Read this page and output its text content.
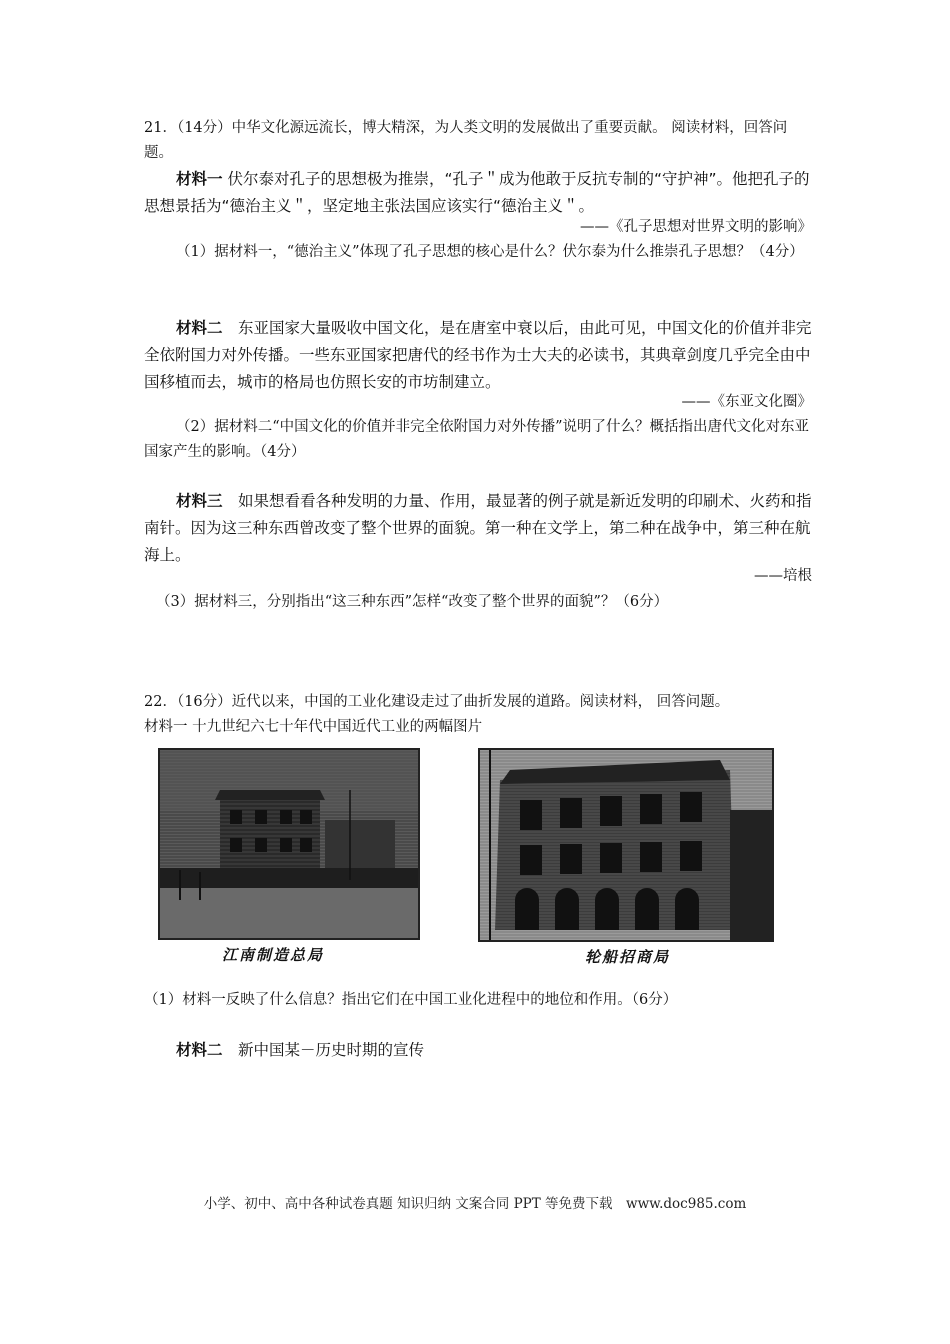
21．（14分）中华文化源远流长，博大精深，为人类文明的发展做出了重要贡献。 阅读材料，回答问题。
材料一 伏尔泰对孔子的思想极为推崇，“孔子＂成为他敢于反抗专制的“守护神”。他把孔子的思想景括为“德治主义＂，坚定地主张法国应该实行“德治主义＂。
——《孔子思想对世界文明的影响》
（1）据材料一，“德治主义”体现了孔子思想的核心是什么？伏尔泰为什么推崇孔子思想？（4分）
材料二　东亚国家大量吸收中国文化，是在唐室中衰以后，由此可见，中国文化的价值并非完全依附国力对外传播。一些东亚国家把唐代的经书作为士大夫的必读书，其典章剑度几乎完全由中国移植而去，城市的格局也仿照长安的市坊制建立。
——《东亚文化圈》
（2）据材料二“中国文化的价值并非完全依附国力对外传播”说明了什么？概括指出唐代文化对东亚国家产生的影响。（4分）
材料三　如果想看看各种发明的力量、作用，最显著的例子就是新近发明的印刷术、火药和指南针。因为这三种东西曾改变了整个世界的面貌。第一种在文学上，第二种在战争中，第三种在航海上。
——培根
（3）据材料三，分别指出“这三种东西”怎样“改变了整个世界的面貌”？（6分）
22．（16分）近代以来，中国的工业化建设走过了曲折发展的道路。阅读材料， 回答问题。
材料一 十九世纪六七十年代中国近代工业的两幅图片
江南制造总局	轮船招商局
（1）材料一反映了什么信息？指出它们在中国工业化进程中的地位和作用。（6分）
材料二　新中国某－历史时期的宣传
小学、初中、高中各种试卷真题 知识归纳 文案合同 PPT 等免费下载　www.doc985.com
